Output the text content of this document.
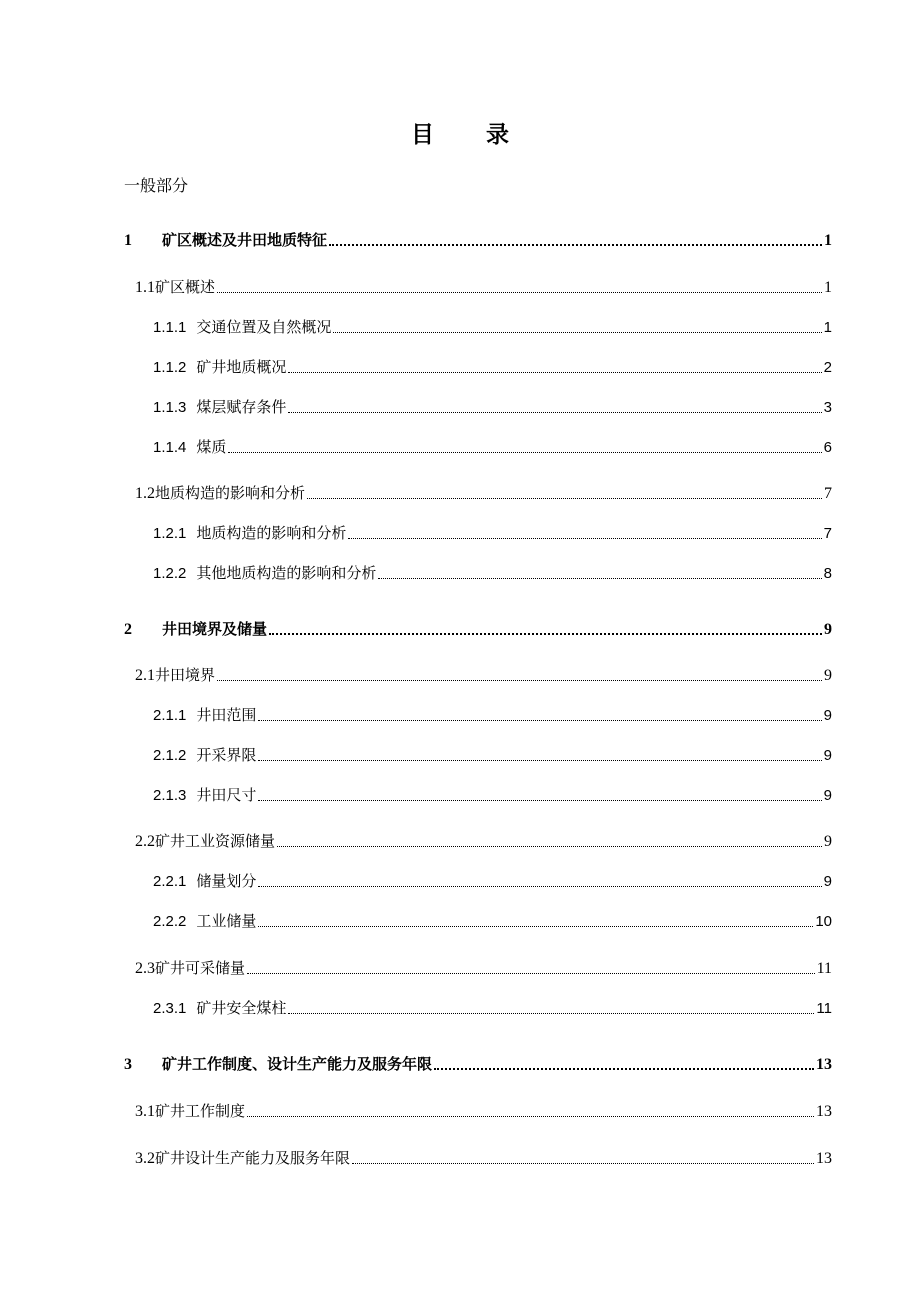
目 录
一般部分
1	矿区概述及井田地质特征	1
1.1 矿区概述	1
1.1.1 交通位置及自然概况	1
1.1.2 矿井地质概况	2
1.1.3 煤层赋存条件	3
1.1.4 煤质	6
1.2 地质构造的影响和分析	7
1.2.1 地质构造的影响和分析	7
1.2.2 其他地质构造的影响和分析	8
2	井田境界及储量	9
2.1 井田境界	9
2.1.1 井田范围	9
2.1.2 开采界限	9
2.1.3 井田尺寸	9
2.2 矿井工业资源储量	9
2.2.1 储量划分	9
2.2.2 工业储量	10
2.3 矿井可采储量	11
2.3.1 矿井安全煤柱	11
3	矿井工作制度、设计生产能力及服务年限	13
3.1 矿井工作制度	13
3.2 矿井设计生产能力及服务年限	13
